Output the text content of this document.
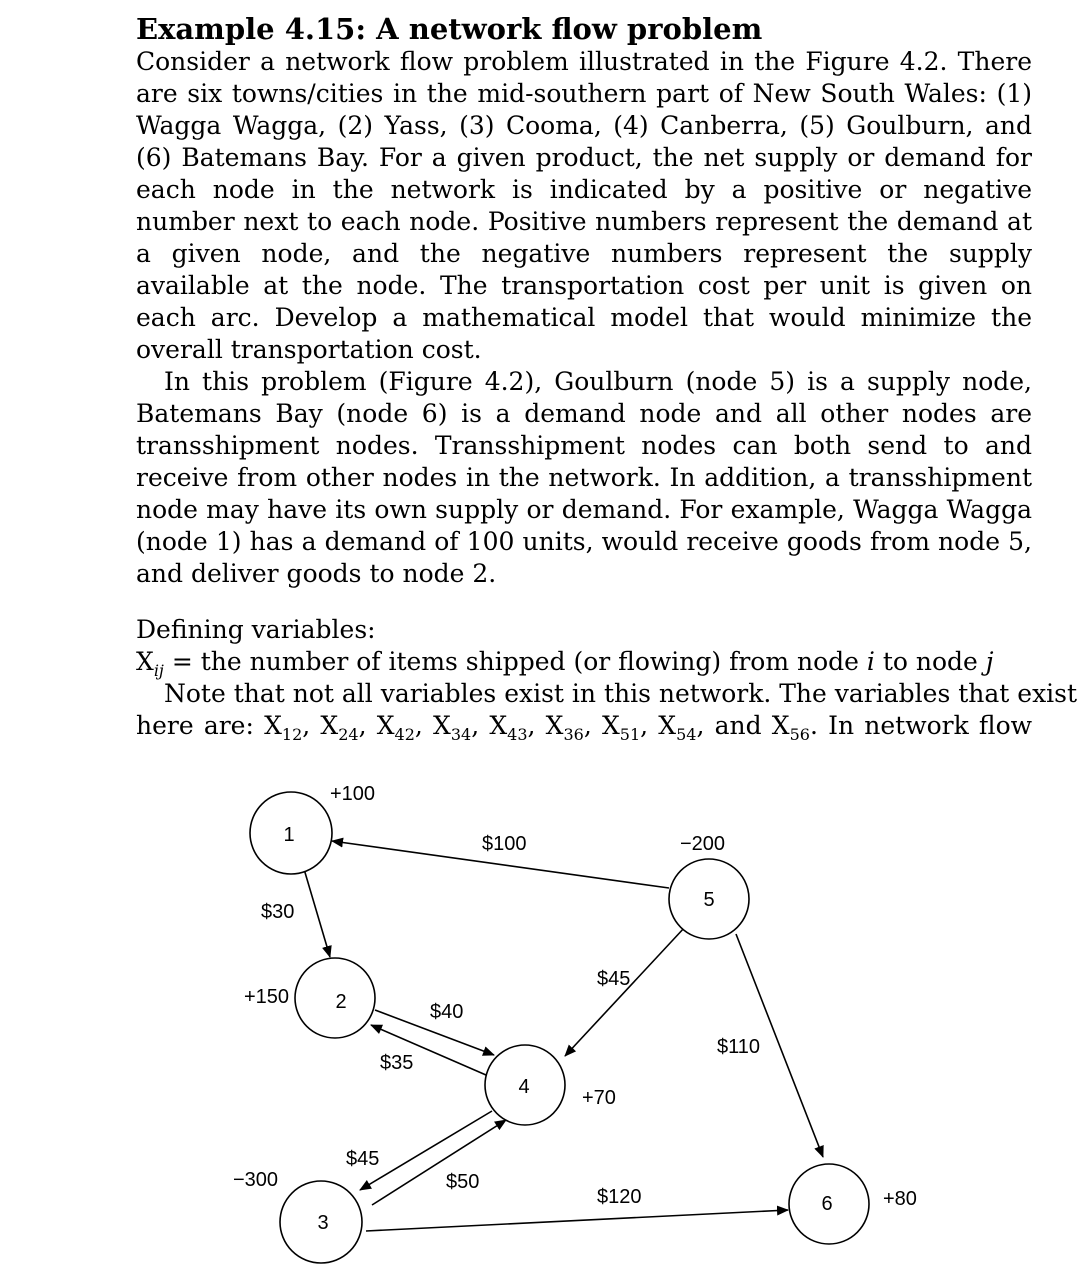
Example 4.15: A network flow problem
Consider a network flow problem illustrated in the Figure 4.2. There are six towns/cities in the mid-southern part of New South Wales: (1) Wagga Wagga, (2) Yass, (3) Cooma, (4) Canberra, (5) Goulburn, and (6) Batemans Bay. For a given product, the net supply or demand for each node in the network is indicated by a positive or negative number next to each node. Positive numbers represent the demand at a given node, and the negative numbers represent the supply available at the node. The transportation cost per unit is given on each arc. Develop a mathematical model that would minimize the overall transportation cost.
In this problem (Figure 4.2), Goulburn (node 5) is a supply node, Batemans Bay (node 6) is a demand node and all other nodes are transshipment nodes. Transshipment nodes can both send to and receive from other nodes in the network. In addition, a transshipment node may have its own supply or demand. For example, Wagga Wagga (node 1) has a demand of 100 units, would receive goods from node 5, and deliver goods to node 2.
Defining variables:
$X_{ij}$ = the number of items shipped (or flowing) from node i to node j
Note that not all variables exist in this network. The variables that exist
here are: $X_{12}$, $X_{24}$, $X_{42}$, $X_{34}$, $X_{43}$, $X_{36}$, $X_{51}$, $X_{54}$, and $X_{56}$. In network flow
1
2
3
4
5
6
+100
+150
−300
+70
−200
+80
$100
$30
$40
$35
$45
$110
$45
$50
$120
